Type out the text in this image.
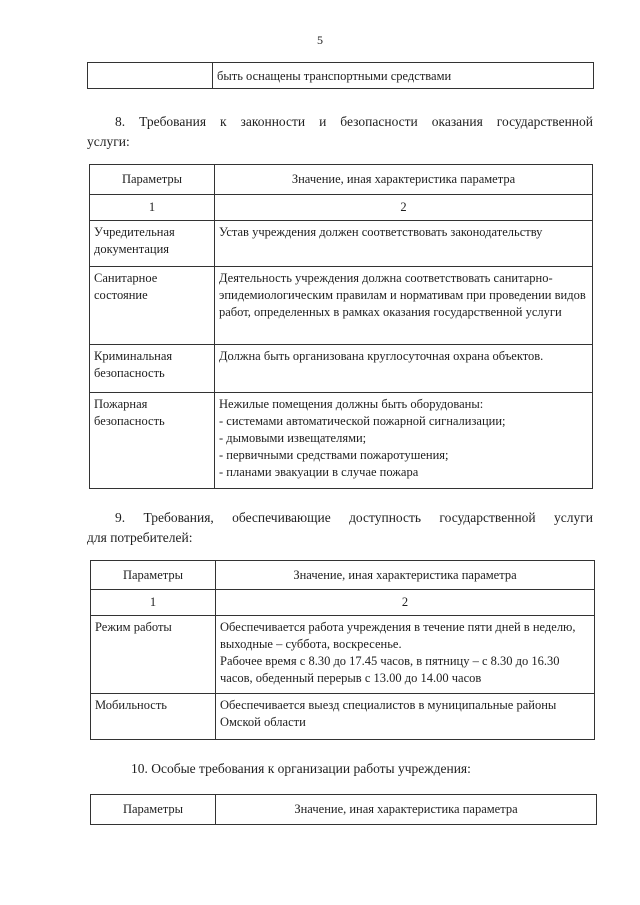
5
	быть оснащены транспортными средствами
8. Требования к законности и безопасности оказания государственной
услуги:
Параметры	Значение, иная характеристика параметра
1	2
Учредительная документация	Устав учреждения должен соответствовать законодательству
Санитарное состояние	Деятельность учреждения должна соответствовать санитарно-эпидемиологическим правилам и нормативам при проведении видов работ, определенных в рамках оказания государственной услуги
Криминальная безопасность	Должна быть организована круглосуточная охрана объектов.
Пожарная безопасность	Нежилые помещения должны быть оборудованы:
- системами автоматической пожарной сигнализации;
- дымовыми извещателями;
- первичными средствами пожаротушения;
- планами эвакуации в случае пожара
9. Требования, обеспечивающие доступность государственной услуги
для потребителей:
Параметры	Значение, иная характеристика параметра
1	2
Режим работы	Обеспечивается работа учреждения в течение пяти дней в неделю, выходные – суббота, воскресенье.
Рабочее время с 8.30 до 17.45 часов, в пятницу – с 8.30 до 16.30 часов, обеденный перерыв с 13.00 до 14.00 часов
Мобильность	Обеспечивается выезд специалистов в муниципальные районы Омской области
10. Особые требования к организации работы учреждения:
Параметры	Значение, иная характеристика параметра
